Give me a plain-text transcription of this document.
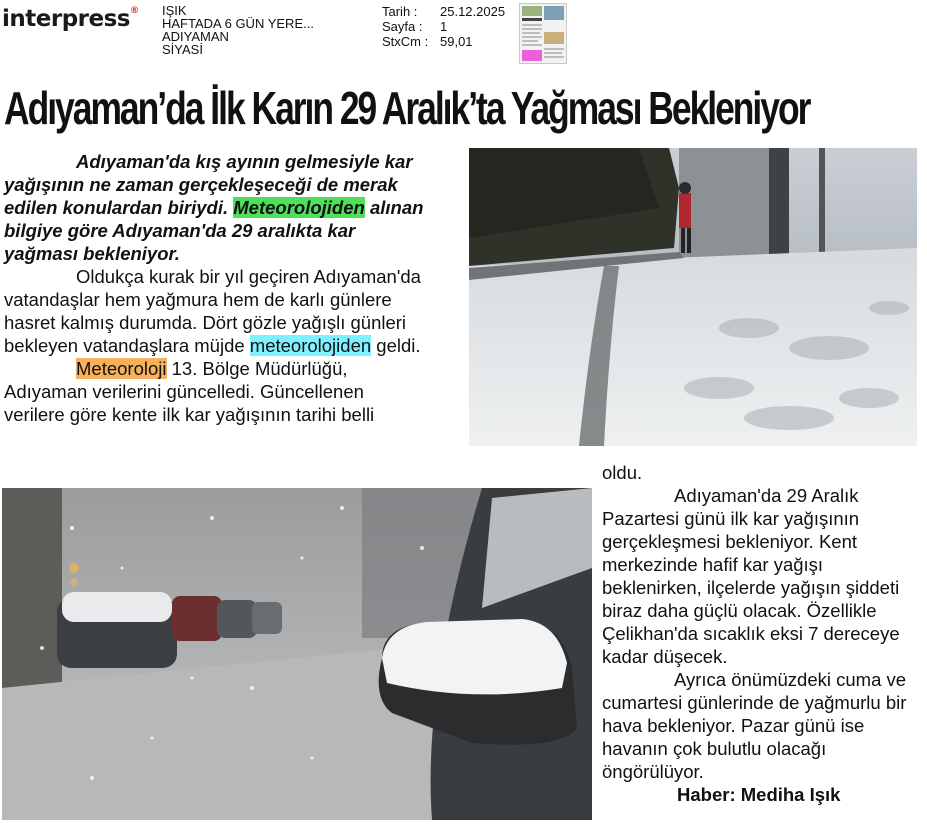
interpress® IŞIK
HAFTADA 6 GÜN YERE...
ADIYAMAN
SİYASİ
Tarih :	25.12.2025
Sayfa :	1
StxCm : 59,01
Adıyaman’da İlk Karın 29 Aralık’ta Yağması Bekleniyor

Adıyaman'da kış ayının gelmesiyle kar yağışının ne zaman gerçekleşeceği de merak edilen konulardan biriydi. Meteorolojiden alınan bilgiye göre Adıyaman'da 29 aralıkta kar yağması bekleniyor.

Oldukça kurak bir yıl geçiren Adıyaman'da vatandaşlar hem yağmura hem de karlı günlere hasret kalmış durumda. Dört gözle yağışlı günleri bekleyen vatandaşlara müjde meteorolojiden geldi.

Meteoroloji 13. Bölge Müdürlüğü, Adıyaman verilerini güncelledi. Güncellenen verilere göre kente ilk kar yağışının tarihi belli

oldu.

Adıyaman'da 29 Aralık Pazartesi günü ilk kar yağışının gerçekleşmesi bekleniyor. Kent merkezinde hafif kar yağışı beklenirken, ilçelerde yağışın şiddeti biraz daha güçlü olacak. Özellikle Çelikhan'da sıcaklık eksi 7 dereceye kadar düşecek.

Ayrıca önümüzdeki cuma ve cumartesi günlerinde de yağmurlu bir hava bekleniyor. Pazar günü ise havanın çok bulutlu olacağı öngörülüyor.

Haber: Mediha Işık
